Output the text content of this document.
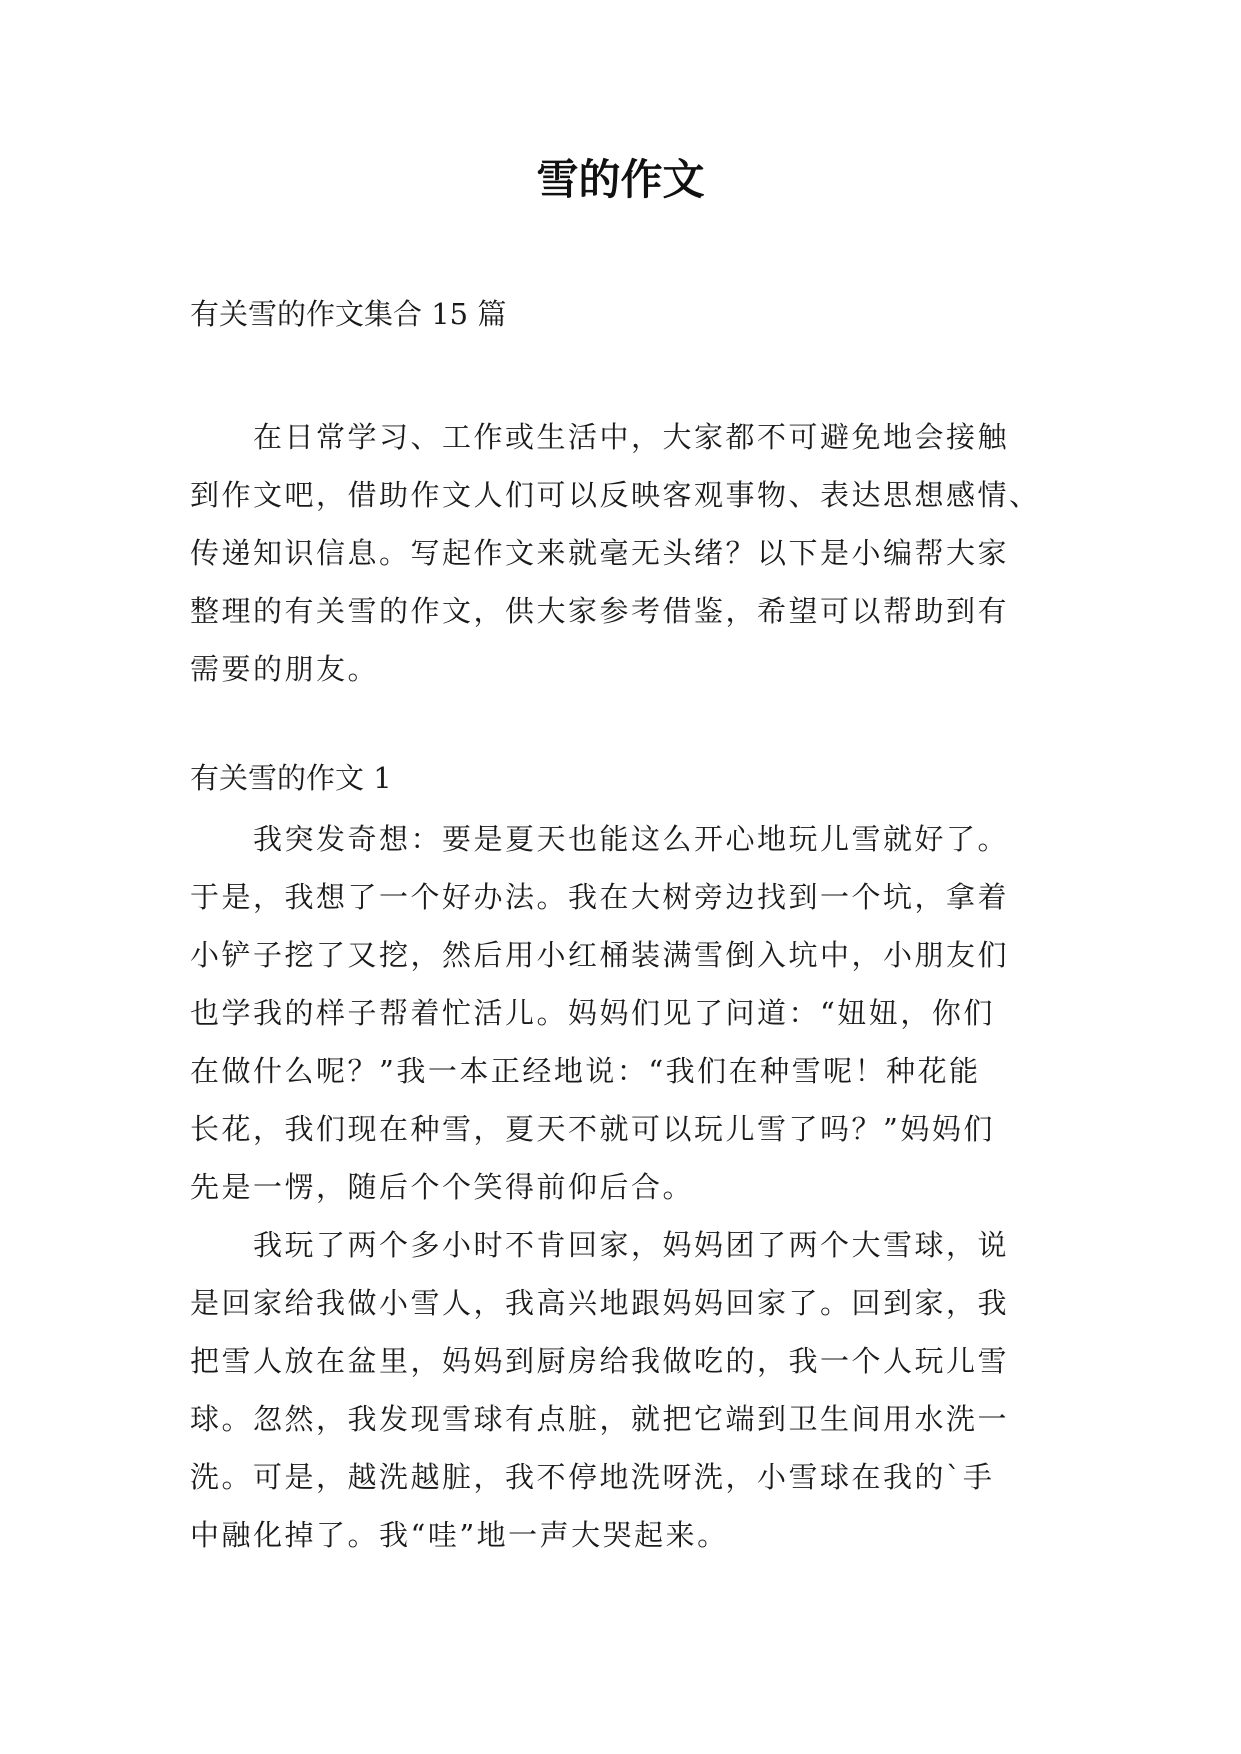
雪的作文

有关雪的作文集合 15 篇

　　在日常学习、工作或生活中，大家都不可避免地会接触
到作文吧，借助作文人们可以反映客观事物、表达思想感情、
传递知识信息。写起作文来就毫无头绪？以下是小编帮大家
整理的有关雪的作文，供大家参考借鉴，希望可以帮助到有
需要的朋友。

有关雪的作文 1

　　我突发奇想：要是夏天也能这么开心地玩儿雪就好了。
于是，我想了一个好办法。我在大树旁边找到一个坑，拿着
小铲子挖了又挖，然后用小红桶装满雪倒入坑中，小朋友们
也学我的样子帮着忙活儿。妈妈们见了问道：“妞妞，你们
在做什么呢？”我一本正经地说：“我们在种雪呢！种花能
长花，我们现在种雪，夏天不就可以玩儿雪了吗？”妈妈们
先是一愣，随后个个笑得前仰后合。

　　我玩了两个多小时不肯回家，妈妈团了两个大雪球，说
是回家给我做小雪人，我高兴地跟妈妈回家了。回到家，我
把雪人放在盆里，妈妈到厨房给我做吃的，我一个人玩儿雪
球。忽然，我发现雪球有点脏，就把它端到卫生间用水洗一
洗。可是，越洗越脏，我不停地洗呀洗，小雪球在我的`手
中融化掉了。我“哇”地一声大哭起来。
